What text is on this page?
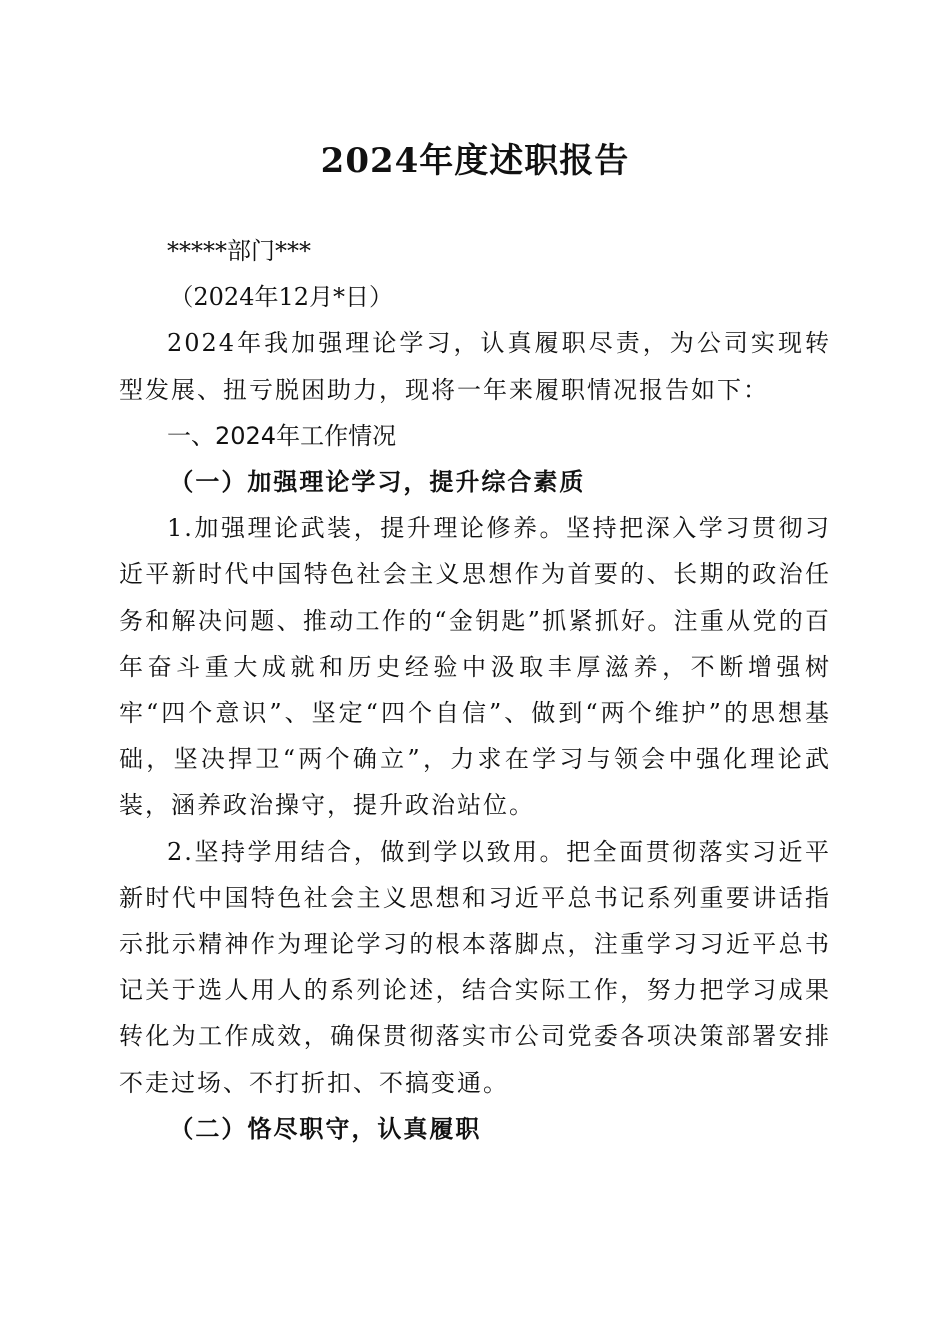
2024年度述职报告

*****部门***

（2024年12月*日）

2024年我加强理论学习，认真履职尽责，为公司实现转型发展、扭亏脱困助力，现将一年来履职情况报告如下：

一、2024年工作情况

（一）加强理论学习，提升综合素质

1.加强理论武装，提升理论修养。坚持把深入学习贯彻习近平新时代中国特色社会主义思想作为首要的、长期的政治任务和解决问题、推动工作的“金钥匙”抓紧抓好。注重从党的百年奋斗重大成就和历史经验中汲取丰厚滋养，不断增强树牢“四个意识”、坚定“四个自信”、做到“两个维护”的思想基础，坚决捍卫“两个确立”，力求在学习与领会中强化理论武装，涵养政治操守，提升政治站位。

2.坚持学用结合，做到学以致用。把全面贯彻落实习近平新时代中国特色社会主义思想和习近平总书记系列重要讲话指示批示精神作为理论学习的根本落脚点，注重学习习近平总书记关于选人用人的系列论述，结合实际工作，努力把学习成果转化为工作成效，确保贯彻落实市公司党委各项决策部署安排不走过场、不打折扣、不搞变通。

（二）恪尽职守，认真履职
